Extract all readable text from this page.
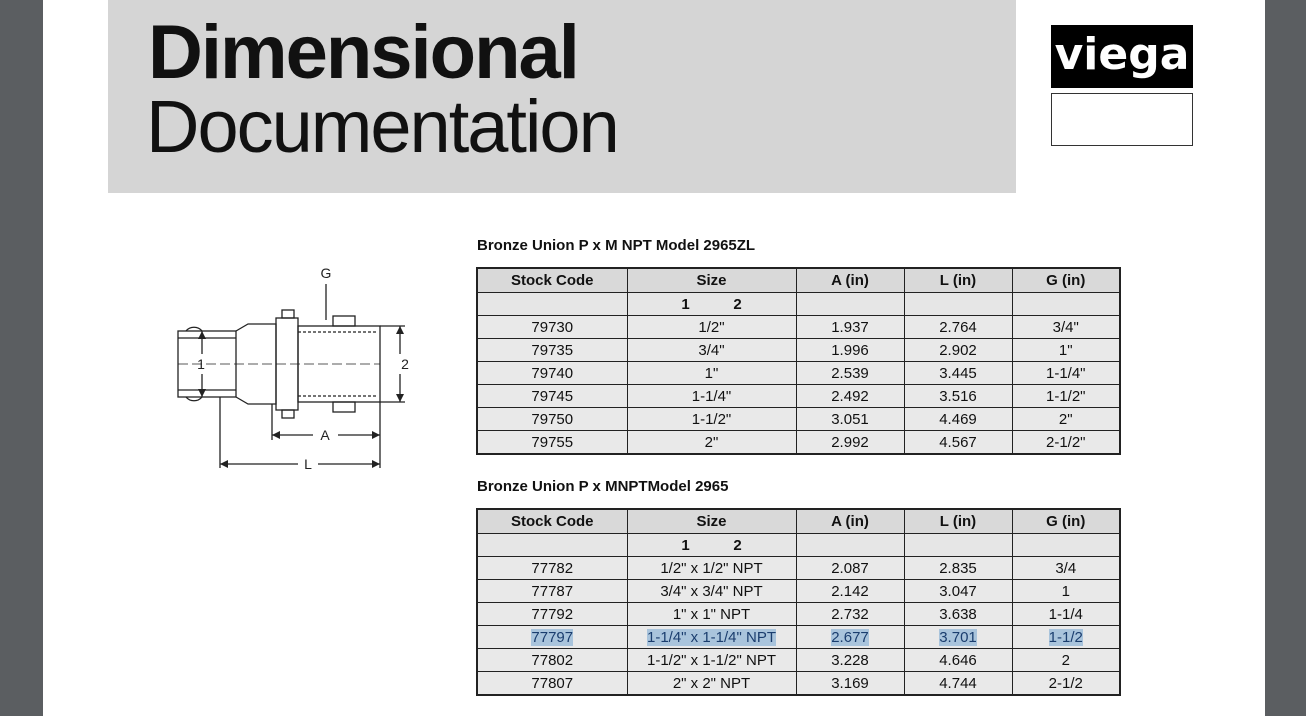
Dimensional
Documentation
viega
G
1	2
A
L
Bronze Union P x M NPT Model 2965ZL
Stock Code	Size	A (in)	L (in)	G (in)
	1 2			
79730	1/2"	1.937	2.764	3/4"
79735	3/4"	1.996	2.902	1"
79740	1"	2.539	3.445	1-1/4"
79745	1-1/4"	2.492	3.516	1-1/2"
79750	1-1/2"	3.051	4.469	2"
79755	2"	2.992	4.567	2-1/2"
Bronze Union P x MNPTModel 2965
Stock Code	Size	A (in)	L (in)	G (in)
	1 2			
77782	1/2" x 1/2" NPT	2.087	2.835	3/4
77787	3/4" x 3/4" NPT	2.142	3.047	1
77792	1" x 1" NPT	2.732	3.638	1-1/4
77797	1-1/4" x 1-1/4" NPT	2.677	3.701	1-1/2
77802	1-1/2" x 1-1/2" NPT	3.228	4.646	2
77807	2" x 2" NPT	3.169	4.744	2-1/2
